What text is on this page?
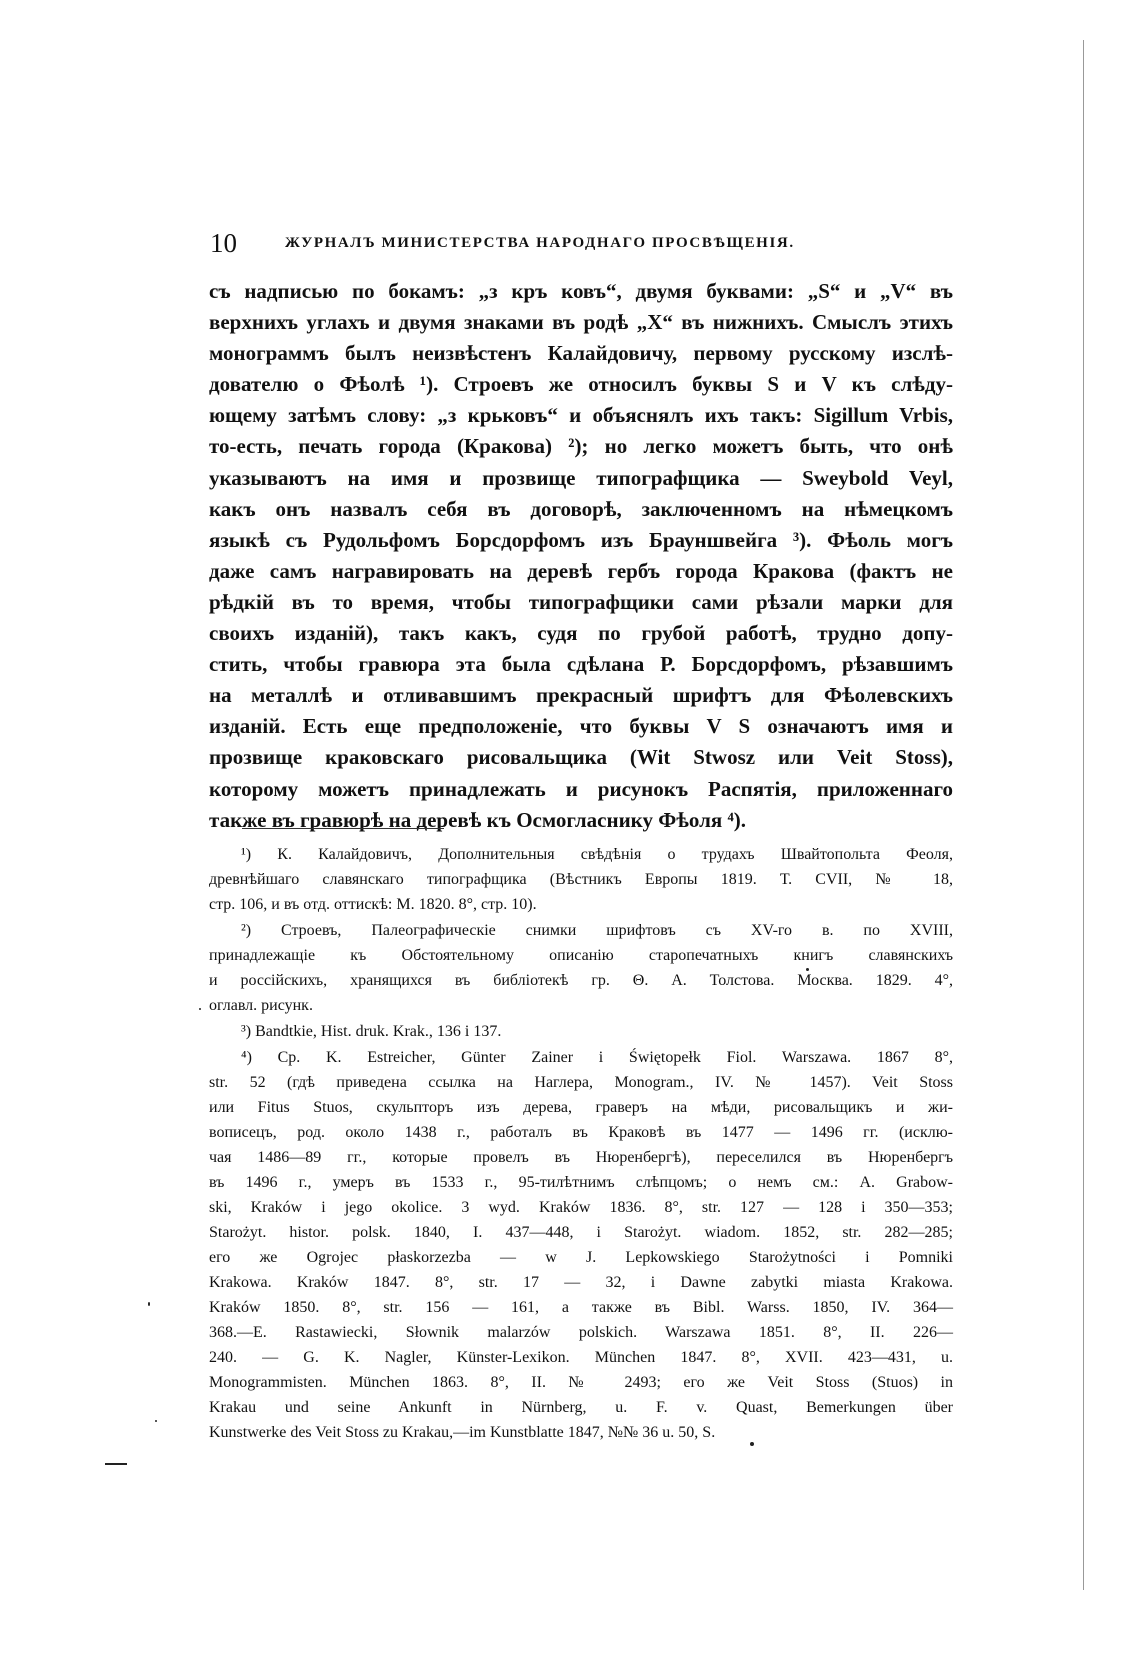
10	ЖУРНАЛЪ МИНИСТЕРСТВА НАРОДНАГО ПРОСВѢЩЕНІЯ.
съ надписью по бокамъ: „з кръ ковъ“, двумя буквами: „S“ и „V“ въ
верхнихъ углахъ и двумя знаками въ родѣ „X“ въ нижнихъ. Смыслъ этихъ
монограммъ былъ неизвѣстенъ Калайдовичу, первому русскому изслѣ-
дователю о Фѣолѣ ¹). Строевъ же относилъ буквы S и V къ слѣду-
ющему затѣмъ слову: „з крьковъ“ и объяснялъ ихъ такъ: Sigillum Vrbis,
то-есть, печать города (Кракова) ²); но легко можетъ быть, что онѣ
указываютъ на имя и прозвище типографщика — Sweybold Veyl,
какъ онъ назвалъ себя въ договорѣ, заключенномъ на нѣмецкомъ
языкѣ съ Рудольфомъ Борсдорфомъ изъ Брауншвейга ³). Фѣоль могъ
даже самъ награвировать на деревѣ гербъ города Кракова (фактъ не
рѣдкій въ то время, чтобы типографщики сами рѣзали марки для
своихъ изданій), такъ какъ, судя по грубой работѣ, трудно допу-
стить, чтобы гравюра эта была сдѣлана Р. Борсдорфомъ, рѣзавшимъ
на металлѣ и отливавшимъ прекрасный шрифтъ для Фѣолевскихъ
изданій. Есть еще предположеніе, что буквы V S означаютъ имя и
прозвище краковскаго рисовальщика (Wit Stwosz или Veit Stoss),
которому можетъ принадлежать и рисунокъ Распятія, приложеннаго
также въ гравюрѣ на деревѣ къ Осмогласнику Фѣоля ⁴).
¹) К. Калайдовичъ, Дополнительныя свѣдѣнія о трудахъ Швайтопольта Феоля,
древнѣйшаго славянскаго типографщика (Вѣстникъ Европы 1819. Т. CVII, № 18,
стр. 106, и въ отд. оттискѣ: М. 1820. 8°, стр. 10).
²) Строевъ, Палеографическіе снимки шрифтовъ съ XV-го в. по XVIII,
принадлежащіе къ Обстоятельному описанію старопечатныхъ книгъ славянскихъ
и россійскихъ, хранящихся въ библіотекѣ гр. Θ. А. Толстова. Москва. 1829. 4°,
оглавл. рисунк.
³) Bandtkie, Hist. druk. Krak., 136 i 137.
⁴) Ср. K. Estreicher, Günter Zainer i Świętopełk Fiol. Warszawa. 1867 8°,
str. 52 (гдѣ приведена ссылка на Наглера, Monogram., IV. № 1457). Veit Stoss
или Fitus Stuos, скульпторъ изъ дерева, граверъ на мѣди, рисовальщикъ и жи-
вописецъ, род. около 1438 г., работалъ въ Краковѣ въ 1477 — 1496 гг. (исклю-
чая 1486—89 гг., которые провелъ въ Нюренбергѣ), переселился въ Нюренбергъ
въ 1496 г., умеръ въ 1533 г., 95-тилѣтнимъ слѣпцомъ; о немъ см.: A. Grabow-
ski, Kraków i jego okolice. 3 wyd. Kraków 1836. 8°, str. 127 — 128 i 350—353;
Starożyt. histor. polsk. 1840, I. 437—448, i Starożyt. wiadom. 1852, str. 282—285;
его же Ogrojec płaskorzezba — w J. Lepkowskiego Starożytności i Pomniki
Krakowa. Kraków 1847. 8°, str. 17 — 32, i Dawne zabytki miasta Krakowa.
Kraków 1850. 8°, str. 156 — 161, а также въ Bibl. Warss. 1850, IV. 364—
368.—E. Rastawiecki, Słownik malarzów polskich. Warszawa 1851. 8°, II. 226—
240. — G. K. Nagler, Künster-Lexikon. München 1847. 8°, XVII. 423—431, u.
Monogrammisten. München 1863. 8°, II. № 2493; его же Veit Stoss (Stuos) in
Krakau und seine Ankunft in Nürnberg, u. F. v. Quast, Bemerkungen über
Kunstwerke des Veit Stoss zu Krakau,—im Kunstblatte 1847, №№ 36 u. 50, S.
